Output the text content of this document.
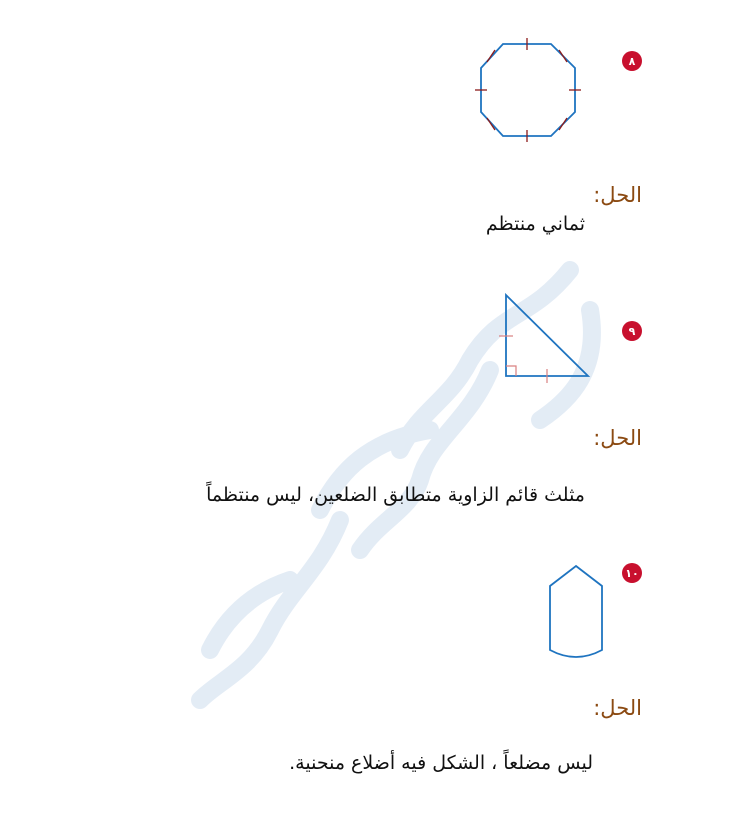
٨
الحل:
ثماني منتظم
٩
الحل:
مثلث قائم الزاوية متطابق الضلعين، ليس منتظماً
١٠
الحل:
ليس مضلعاً ، الشكل فيه أضلاع منحنية.
